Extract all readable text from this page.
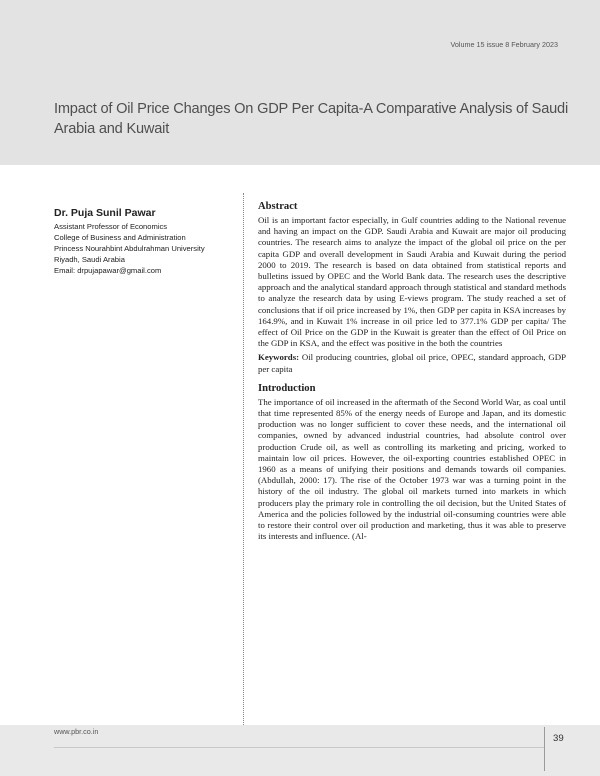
Volume 15 issue 8 February 2023
Impact of Oil Price Changes On GDP Per Capita-A Comparative Analysis of Saudi Arabia and Kuwait
Dr. Puja Sunil Pawar
Assistant Professor of Economics
College of Business and Administration
Princess Nourahbint Abdulrahman University
Riyadh, Saudi Arabia
Email: drpujapawar@gmail.com
Abstract

Oil is an important factor especially, in Gulf countries adding to the National revenue and having an impact on the GDP. Saudi Arabia and Kuwait are major oil producing countries. The research aims to analyze the impact of the global oil price on the per capita GDP and overall development in Saudi Arabia and Kuwait during the period 2000 to 2019. The research is based on data obtained from statistical reports and bulletins issued by OPEC and the World Bank data. The research uses the descriptive approach and the analytical standard approach through statistical and standard methods to analyze the research data by using E-views program. The study reached a set of conclusions that if oil price increased by 1%, then GDP per capita in KSA increases by 164.9%, and in Kuwait 1% increase in oil price led to 377.1% GDP per capita/ The effect of Oil Price on the GDP in the Kuwait is greater than the effect of Oil Price on the GDP in KSA, and the effect was positive in the both the countries

Keywords: Oil producing countries, global oil price, OPEC, standard approach, GDP per capita

Introduction

The importance of oil increased in the aftermath of the Second World War, as coal until that time represented 85% of the energy needs of Europe and Japan, and its domestic production was no longer sufficient to cover these needs, and the international oil companies, owned by advanced industrial countries, had absolute control over production Crude oil, as well as controlling its marketing and pricing, worked to maintain low oil prices. However, the oil-exporting countries established OPEC in 1960 as a means of unifying their positions and demands towards oil companies. (Abdullah, 2000: 17). The rise of the October 1973 war was a turning point in the history of the oil industry. The global oil markets turned into markets in which producers play the primary role in controlling the oil decision, but the United States of America and the policies followed by the industrial oil-consuming countries were able to restore their control over oil production and marketing, thus it was able to preserve its interests and influence. (Al-

www.pbr.co.in
39
